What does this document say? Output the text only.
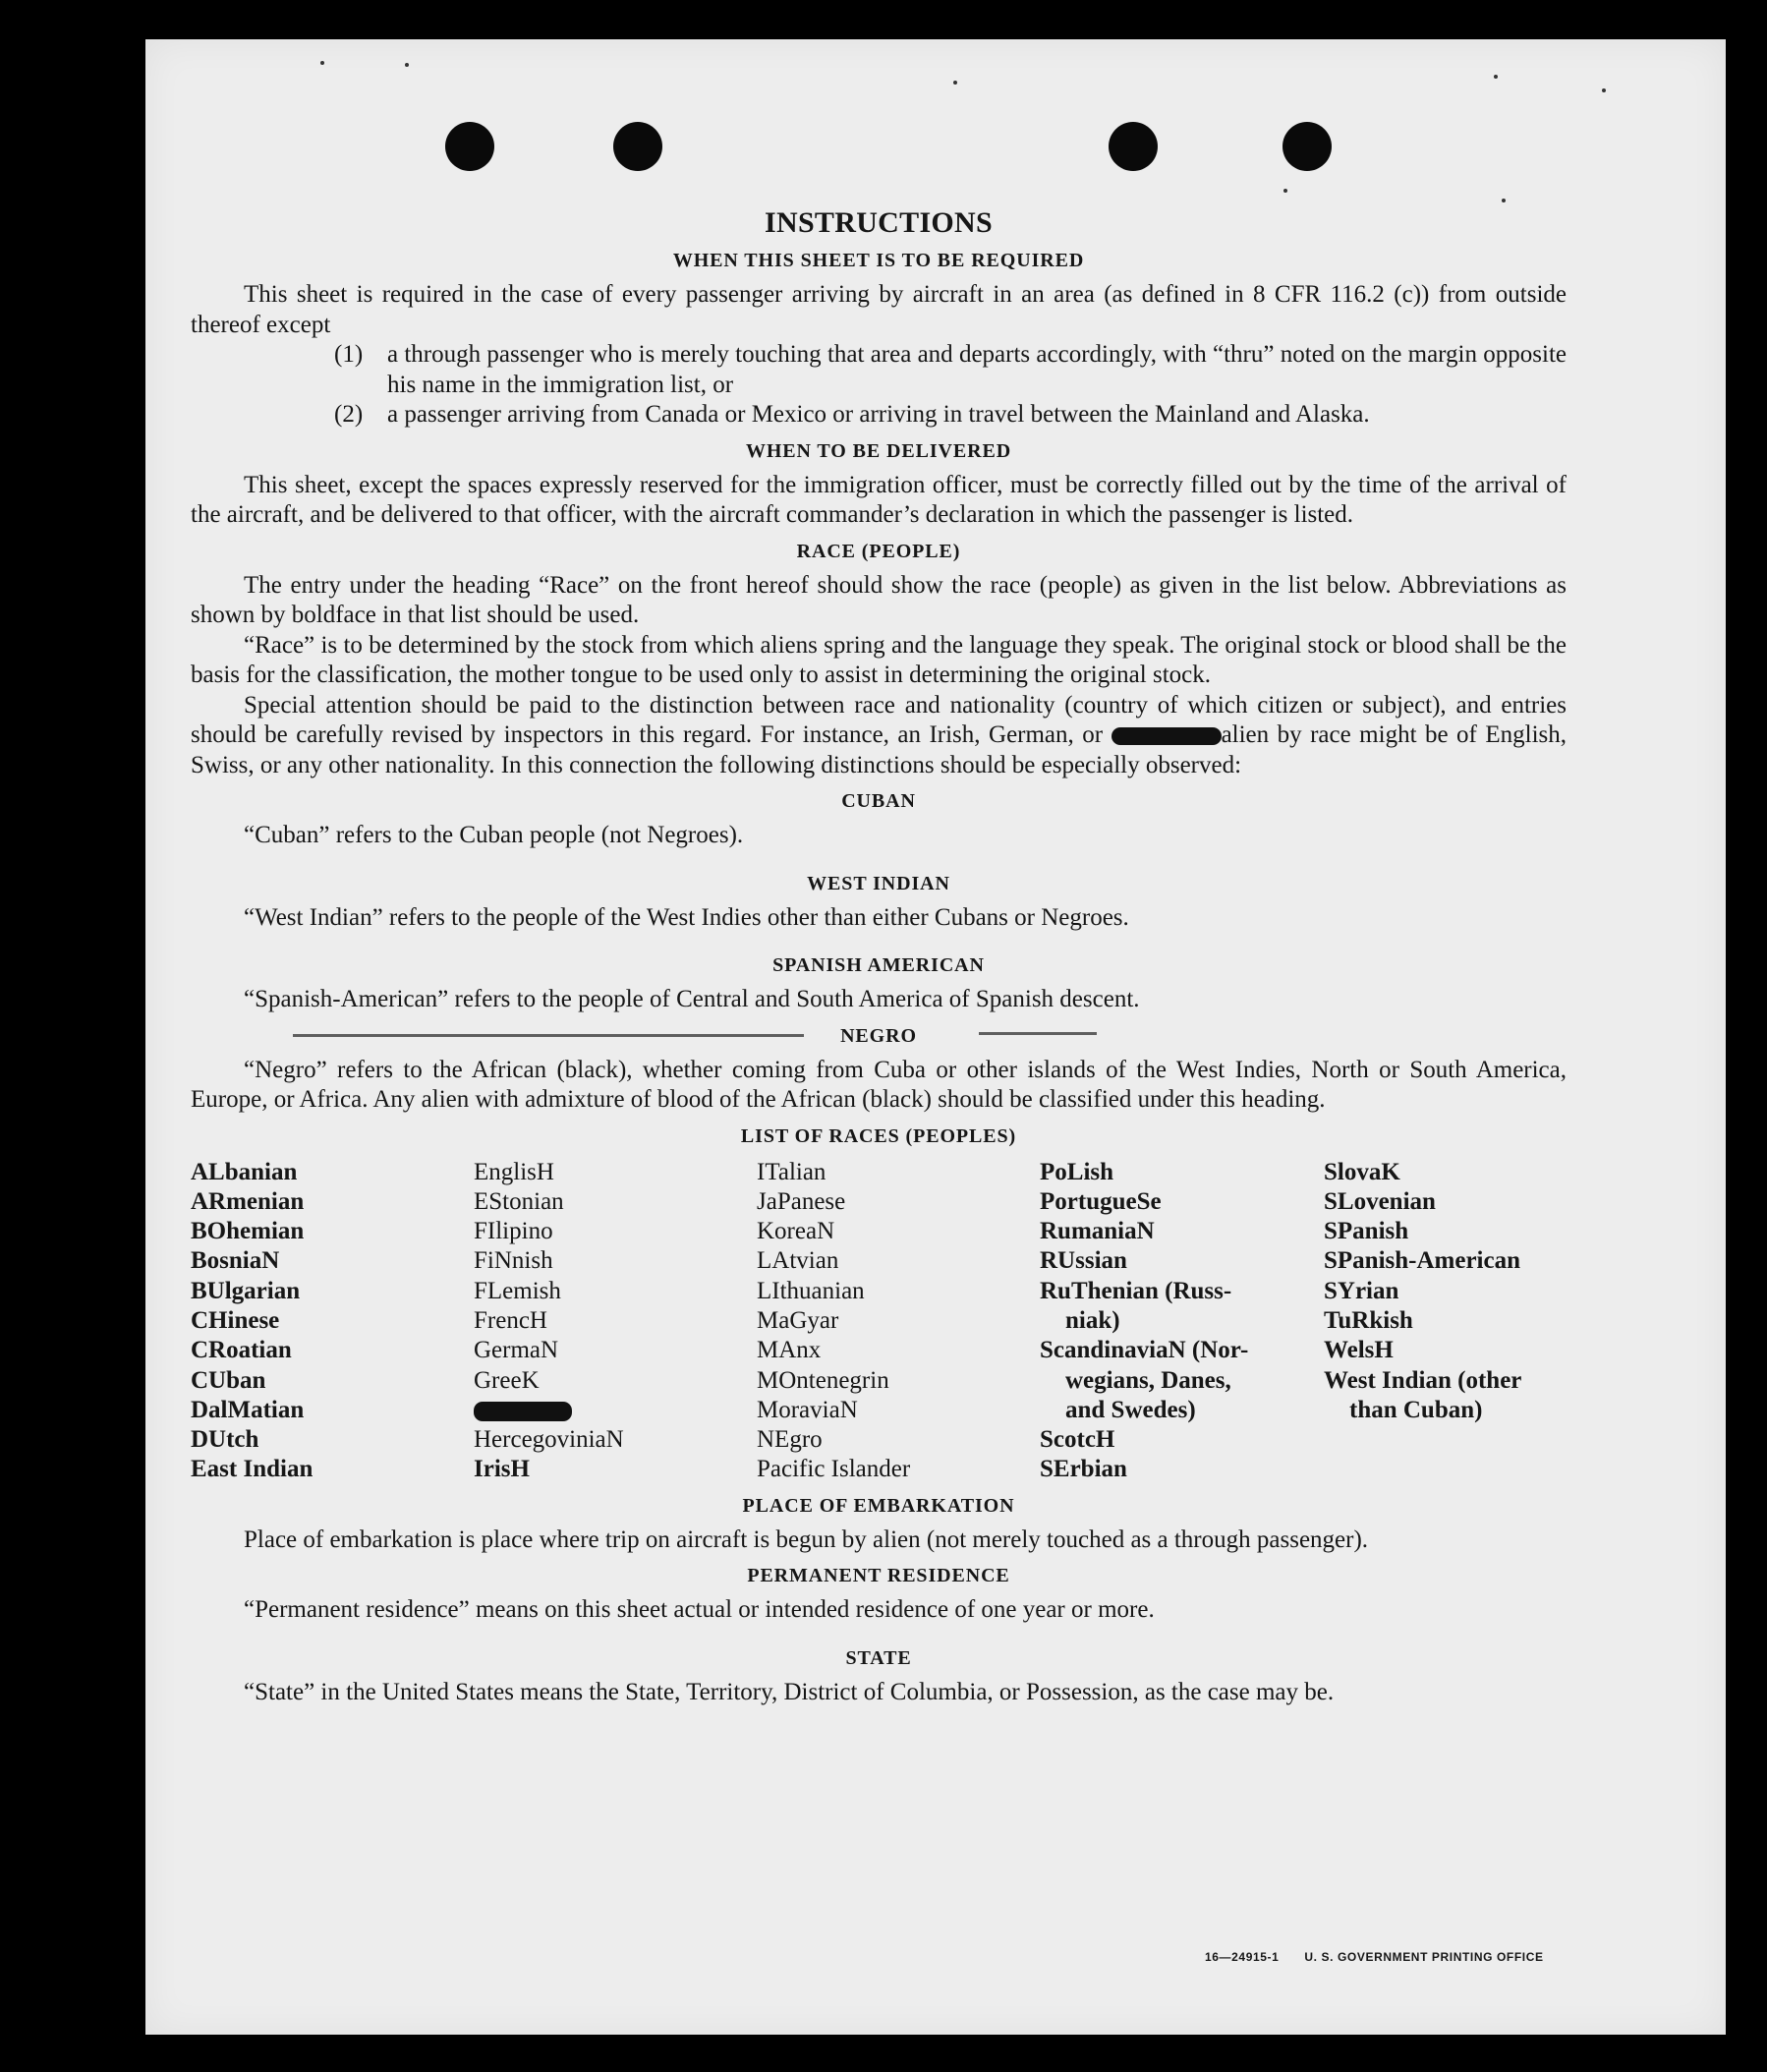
INSTRUCTIONS
WHEN THIS SHEET IS TO BE REQUIRED

This sheet is required in the case of every passenger arriving by aircraft in an area (as defined in 8 CFR 116.2 (c)) from outside thereof except

(1) a through passenger who is merely touching that area and departs accordingly, with “thru” noted on the margin opposite his name in the immigration list, or
(2) a passenger arriving from Canada or Mexico or arriving in travel between the Mainland and Alaska.
WHEN TO BE DELIVERED

This sheet, except the spaces expressly reserved for the immigration officer, must be correctly filled out by the time of the arrival of the aircraft, and be delivered to that officer, with the aircraft commander’s declaration in which the passenger is listed.

RACE (PEOPLE)

The entry under the heading “Race” on the front hereof should show the race (people) as given in the list below. Abbreviations as shown by boldface in that list should be used.

“Race” is to be determined by the stock from which aliens spring and the language they speak. The original stock or blood shall be the basis for the classification, the mother tongue to be used only to assist in determining the original stock.

Special attention should be paid to the distinction between race and nationality (country of which citizen or subject), and entries should be carefully revised by inspectors in this regard. For instance, an Irish, German, or	alien by race might be of English, Swiss, or any other nationality. In this connection the following distinctions should be especially observed:

CUBAN

“Cuban” refers to the Cuban people (not Negroes).

WEST INDIAN

“West Indian” refers to the people of the West Indies other than either Cubans or Negroes.

SPANISH AMERICAN

“Spanish-American” refers to the people of Central and South America of Spanish descent.

NEGRO

“Negro” refers to the African (black), whether coming from Cuba or other islands of the West Indies, North or South America, Europe, or Africa. Any alien with admixture of blood of the African (black) should be classified under this heading.

LIST OF RACES (PEOPLES)
ALbanian
ARmenian
BOhemian
BosniaN
BUlgarian
CHinese
CRoatian
CUban
DalMatian
DUtch
East Indian
EnglisH
EStonian
FIlipino
FiNnish
FLemish
FrencH
GermaN
GreeK
HercegoviniaN
IrisH
ITalian
JaPanese
KoreaN
LAtvian
LIthuanian
MaGyar
MAnx
MOntenegrin
MoraviaN
NEgro
Pacific Islander
PoLish
PortugueSe
RumaniaN
RUssian
RuThenian (Russ-
niak)
ScandinaviaN (Nor-
wegians, Danes,
and Swedes)
ScotcH
SErbian
SlovaK
SLovenian
SPanish
SPanish-American
SYrian
TuRkish
WelsH
West Indian (other
than Cuban)
PLACE OF EMBARKATION

Place of embarkation is place where trip on aircraft is begun by alien (not merely touched as a through passenger).

PERMANENT RESIDENCE

“Permanent residence” means on this sheet actual or intended residence of one year or more.

STATE

“State” in the United States means the State, Territory, District of Columbia, or Possession, as the case may be.

16—24915-1 U. S. GOVERNMENT PRINTING OFFICE
